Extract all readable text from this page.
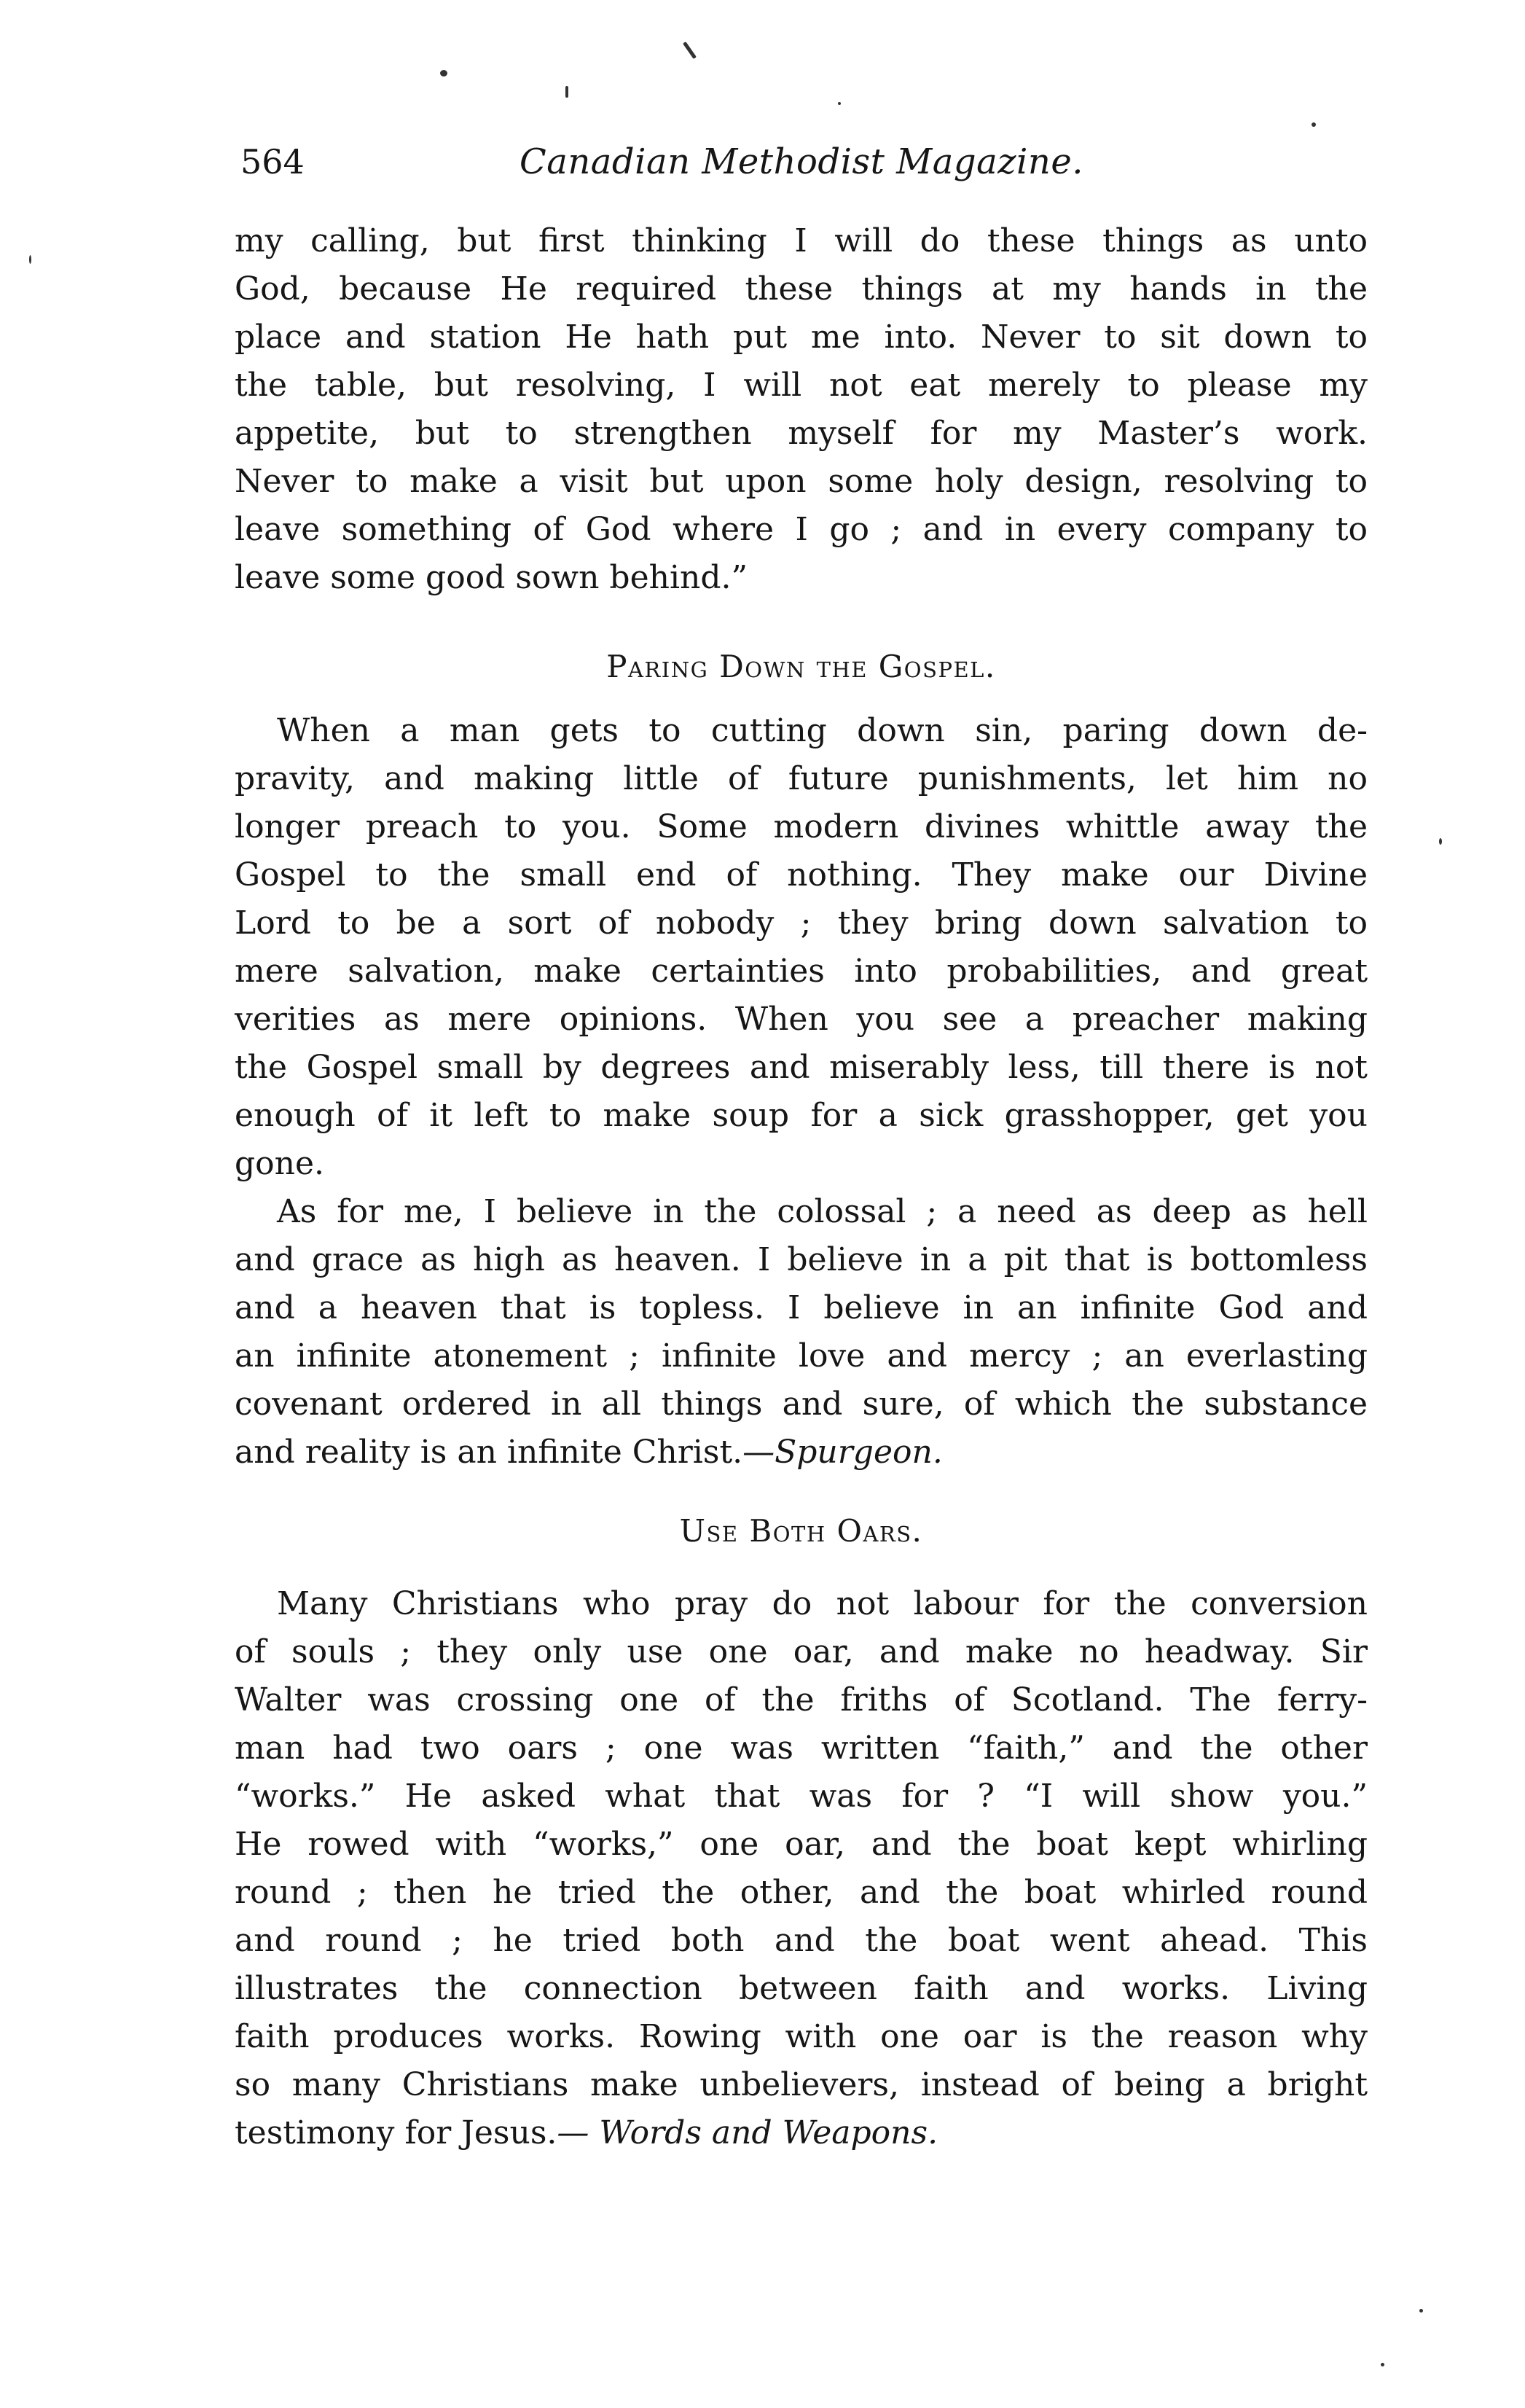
564	Canadian Methodist Magazine.
my calling, but first thinking I will do these things as unto
God, because He required these things at my hands in the
place and station He hath put me into. Never to sit down to
the table, but resolving, I will not eat merely to please my
appetite, but to strengthen myself for my Master’s work.
Never to make a visit but upon some holy design, resolving to
leave something of God where I go ; and in every company to
leave some good sown behind.”
Paring Down the Gospel.
When a man gets to cutting down sin, paring down de-
pravity, and making little of future punishments, let him no
longer preach to you. Some modern divines whittle away the
Gospel to the small end of nothing. They make our Divine
Lord to be a sort of nobody ; they bring down salvation to
mere salvation, make certainties into probabilities, and great
verities as mere opinions. When you see a preacher making
the Gospel small by degrees and miserably less, till there is not
enough of it left to make soup for a sick grasshopper, get you
gone.
As for me, I believe in the colossal ; a need as deep as hell
and grace as high as heaven. I believe in a pit that is bottomless
and a heaven that is topless. I believe in an infinite God and
an infinite atonement ; infinite love and mercy ; an everlasting
covenant ordered in all things and sure, of which the substance
and reality is an infinite Christ.—Spurgeon.
Use Both Oars.
Many Christians who pray do not labour for the conversion
of souls ; they only use one oar, and make no headway. Sir
Walter was crossing one of the friths of Scotland. The ferry-
man had two oars ; one was written “faith,” and the other
“works.” He asked what that was for ? “I will show you.”
He rowed with “works,” one oar, and the boat kept whirling
round ; then he tried the other, and the boat whirled round
and round ; he tried both and the boat went ahead. This
illustrates the connection between faith and works. Living
faith produces works. Rowing with one oar is the reason why
so many Christians make unbelievers, instead of being a bright
testimony for Jesus.— Words and Weapons.
